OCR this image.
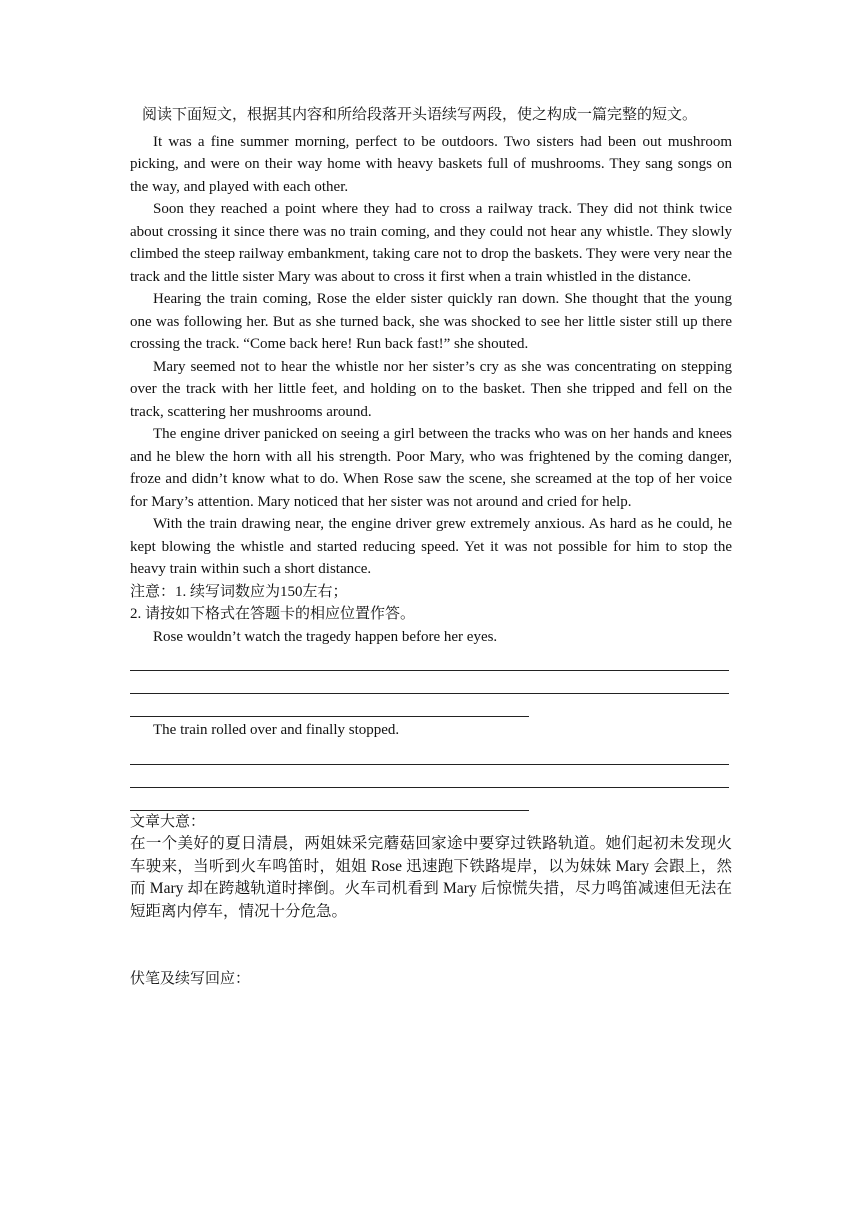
阅读下面短文，根据其内容和所给段落开头语续写两段，使之构成一篇完整的短文。

It was a fine summer morning, perfect to be outdoors. Two sisters had been out mushroom picking, and were on their way home with heavy baskets full of mushrooms. They sang songs on the way, and played with each other.

Soon they reached a point where they had to cross a railway track. They did not think twice about crossing it since there was no train coming, and they could not hear any whistle. They slowly climbed the steep railway embankment, taking care not to drop the baskets. They were very near the track and the little sister Mary was about to cross it first when a train whistled in the distance.

Hearing the train coming, Rose the elder sister quickly ran down. She thought that the young one was following her. But as she turned back, she was shocked to see her little sister still up there crossing the track. “Come back here! Run back fast!” she shouted.

Mary seemed not to hear the whistle nor her sister’s cry as she was concentrating on stepping over the track with her little feet, and holding on to the basket. Then she tripped and fell on the track, scattering her mushrooms around.

The engine driver panicked on seeing a girl between the tracks who was on her hands and knees and he blew the horn with all his strength. Poor Mary, who was frightened by the coming danger, froze and didn’t know what to do. When Rose saw the scene, she screamed at the top of her voice for Mary’s attention. Mary noticed that her sister was not around and cried for help.

With the train drawing near, the engine driver grew extremely anxious. As hard as he could, he kept blowing the whistle and started reducing speed. Yet it was not possible for him to stop the heavy train within such a short distance.

注意：1. 续写词数应为150左右；

2. 请按如下格式在答题卡的相应位置作答。

Rose wouldn’t watch the tragedy happen before her eyes.

The train rolled over and finally stopped.

文章大意：

在一个美好的夏日清晨，两姐妹采完蘑菇回家途中要穿过铁路轨道。她们起初未发现火车驶来，当听到火车鸣笛时，姐姐 Rose 迅速跑下铁路堤岸，以为妹妹 Mary 会跟上，然而 Mary 却在跨越轨道时摔倒。火车司机看到 Mary 后惊慌失措，尽力鸣笛减速但无法在短距离内停车，情况十分危急。

伏笔及续写回应：
